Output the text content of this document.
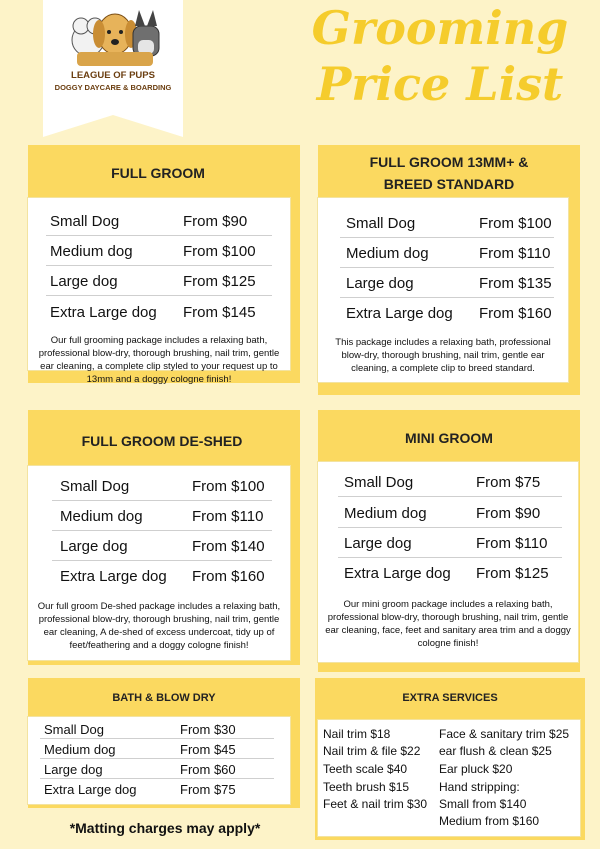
LEAGUE OF PUPS
DOGGY DAYCARE & BOARDING
Grooming
Price List
FULL GROOM
Small Dog	From $90
Medium dog	From $100
Large dog	From $125
Extra Large dog From $145
Our full grooming package includes a relaxing bath, professional blow-dry, thorough brushing, nail trim, gentle ear cleaning, a complete clip styled to your request up to 13mm and a doggy cologne finish!
FULL GROOM 13MM+ &
BREED STANDARD
Small Dog	From $100
Medium dog	From $110
Large dog	From $135
Extra Large dog From $160
This package includes a relaxing bath, professional blow-dry, thorough brushing, nail trim, gentle ear cleaning, a complete clip to breed standard.
FULL GROOM DE-SHED
Small Dog	From $100
Medium dog	From $110
Large dog	From $140
Extra Large dog From $160
Our full groom De-shed package includes a relaxing bath, professional blow-dry, thorough brushing, nail trim, gentle ear cleaning, A de-shed of excess undercoat, tidy up of feet/feathering and a doggy cologne finish!
MINI GROOM
Small Dog	From $75
Medium dog	From $90
Large dog	From $110
Extra Large dog From $125
Our mini groom package includes a relaxing bath, professional blow-dry, thorough brushing, nail trim, gentle ear cleaning, face, feet and sanitary area trim and a doggy cologne finish!
BATH & BLOW DRY
Small Dog	From $30
Medium dog	From $45
Large dog	From $60
Extra Large dog	From $75
*Matting charges may apply*
EXTRA SERVICES
Nail trim $18
Nail trim & file $22
Teeth scale $40
Teeth brush $15
Feet & nail trim $30
Face & sanitary trim $25
ear flush & clean $25
Ear pluck $20
Hand stripping:
Small from $140
Medium from $160
